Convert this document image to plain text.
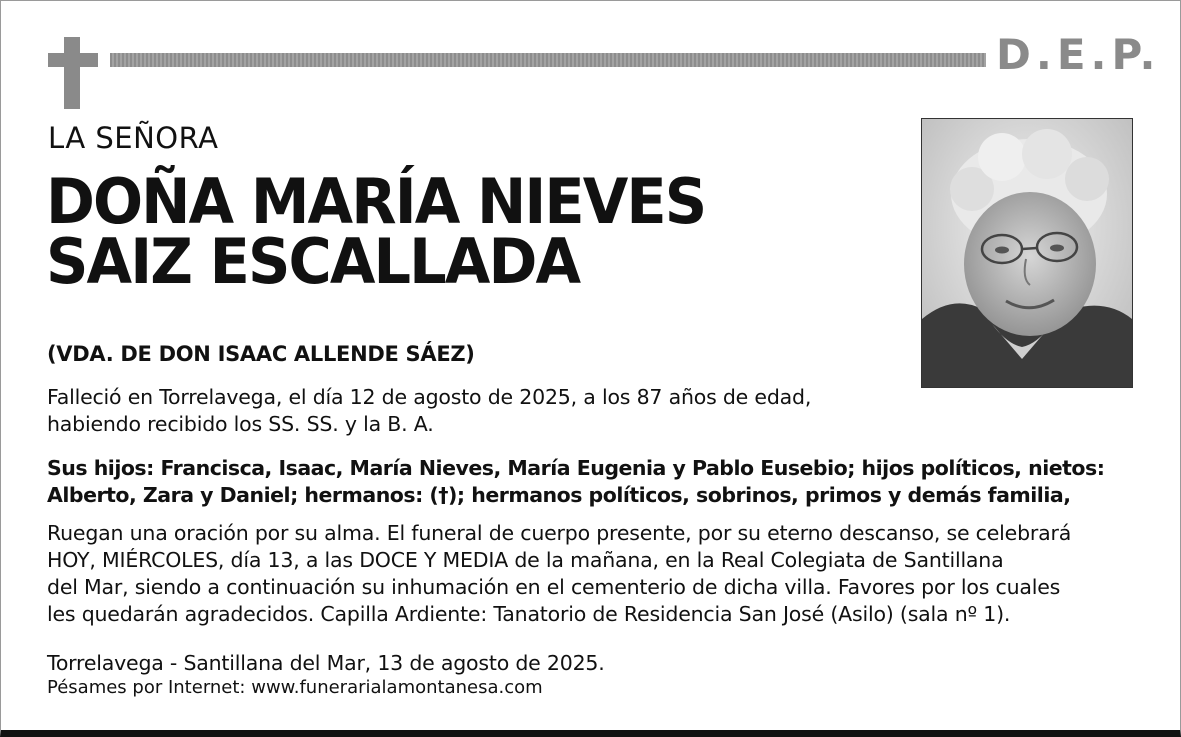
D.E.P.
LA SEÑORA
DOÑA MARÍA NIEVES
SAIZ ESCALLADA
(VDA. DE DON ISAAC ALLENDE SÁEZ)
Falleció en Torrelavega, el día 12 de agosto de 2025, a los 87 años de edad,
habiendo recibido los SS. SS. y la B. A.
Sus hijos: Francisca, Isaac, María Nieves, María Eugenia y Pablo Eusebio; hijos políticos, nietos:
Alberto, Zara y Daniel; hermanos: (†); hermanos políticos, sobrinos, primos y demás familia,
Ruegan una oración por su alma. El funeral de cuerpo presente, por su eterno descanso, se celebrará
HOY, MIÉRCOLES, día 13, a las DOCE Y MEDIA de la mañana, en la Real Colegiata de Santillana
del Mar, siendo a continuación su inhumación en el cementerio de dicha villa. Favores por los cuales
les quedarán agradecidos. Capilla Ardiente: Tanatorio de Residencia San José (Asilo) (sala nº 1).
Torrelavega - Santillana del Mar, 13 de agosto de 2025.
Pésames por Internet: www.funerarialamontanesa.com
